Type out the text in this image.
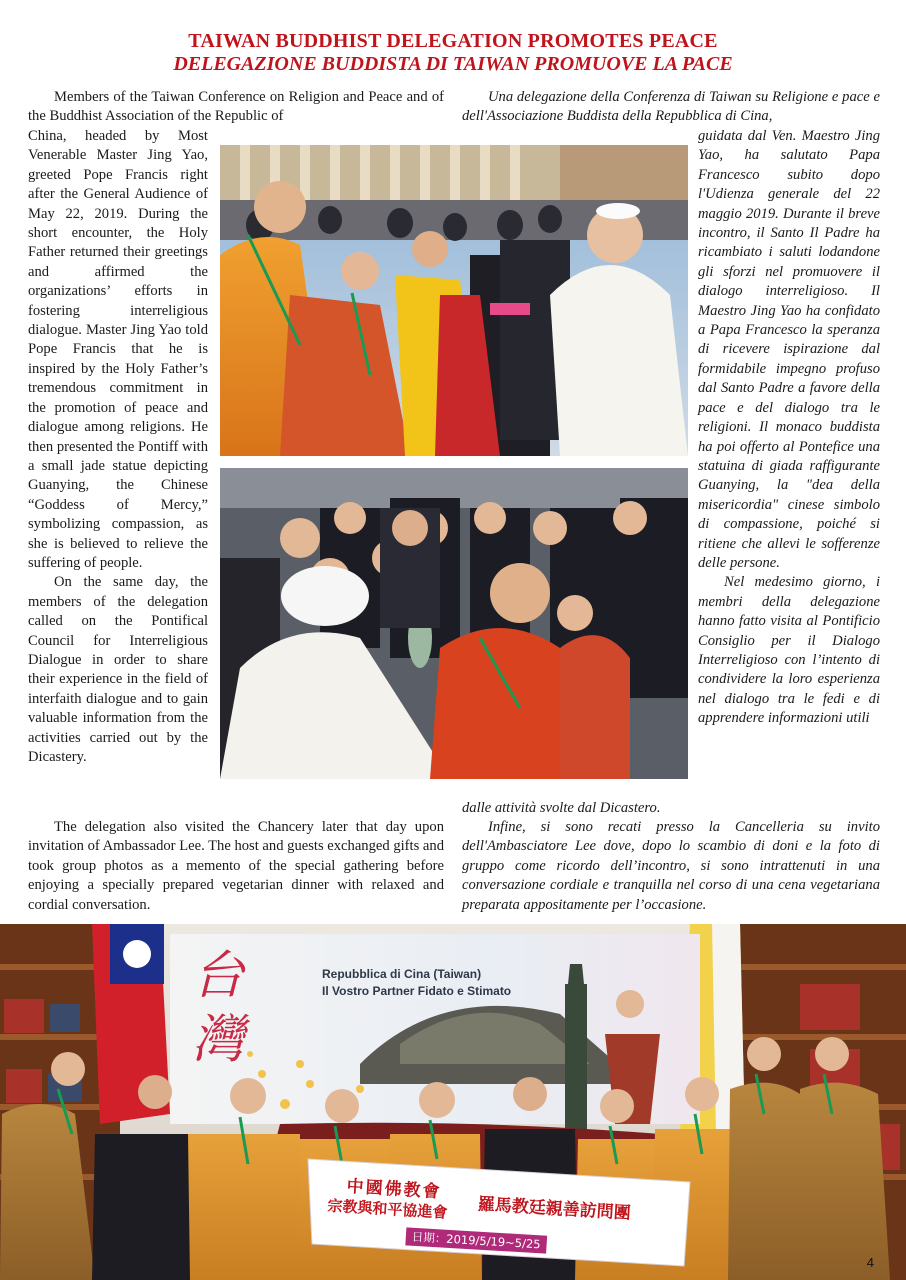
TAIWAN BUDDHIST DELEGATION PROMOTES PEACE
DELEGAZIONE BUDDISTA DI TAIWAN PROMUOVE LA PACE
Members of the Taiwan Conference on Religion and Peace and of the Buddhist Association of the Republic of

China, headed by Most Venerable Master Jing Yao, greeted Pope Francis right after the General Audience of May 22, 2019. During the short encounter, the Holy Father returned their greetings and affirmed the organizations’ efforts in fostering interreligious dialogue. Master Jing Yao told Pope Francis that he is inspired by the Holy Father’s tremendous commitment in the promotion of peace and dialogue among religions. He then presented the Pontiff with a small jade statue depicting Guanying, the Chinese “Goddess of Mercy,” symbolizing compassion, as she is believed to relieve the suffering of people.

On the same day, the members of the delegation called on the Pontifical Council for Interreligious Dialogue in order to share their experience in the field of interfaith dialogue and to gain valuable information from the activities carried out by the Dicastery.

The delegation also visited the Chancery later that day upon invitation of Ambassador Lee. The host and guests exchanged gifts and took group photos as a memento of the special gathering before enjoying a specially prepared vegetarian dinner with relaxed and cordial conversation.
Una delegazione della Conferenza di Taiwan su Religione e pace e dell'Associazione Buddista della Repubblica di Cina,

guidata dal Ven. Maestro Jing Yao, ha salutato Papa Francesco subito dopo l'Udienza generale del 22 maggio 2019. Durante il breve incontro, il Santo Il Padre ha ricambiato i saluti lodandone gli sforzi nel promuovere il dialogo interreligioso. Il Maestro Jing Yao ha confidato a Papa Francesco la speranza di ricevere ispirazione dal formidabile impegno profuso dal Santo Padre a favore della pace e del dialogo tra le religioni. Il monaco buddista ha poi offerto al Pontefice una statuina di giada raffigurante Guanying, la "dea della misericordia" cinese simbolo di compassione, poiché si ritiene che allevi le sofferenze delle persone.

Nel medesimo giorno, i membri della delegazione hanno fatto visita al Pontificio Consiglio per il Dialogo Interreligioso con l’intento di condividere la loro esperienza nel dialogo tra le fedi e di apprendere informazioni utili

dalle attività svolte dal Dicastero.
Infine, si sono recati presso la Cancelleria su invito dell'Ambasciatore Lee dove, dopo lo scambio di doni e la foto di gruppo come ricordo dell’incontro, si sono intrattenuti in una conversazione cordiale e tranquilla nel corso di una cena vegetariana preparata appositamente per l’occasione.
Repubblica di Cina (Taiwan)
Il Vostro Partner Fidato e Stimato
台灣
中國佛教會
宗教與和平協進會 羅馬教廷親善訪問團
日期：2019/5/19~5/25
4
